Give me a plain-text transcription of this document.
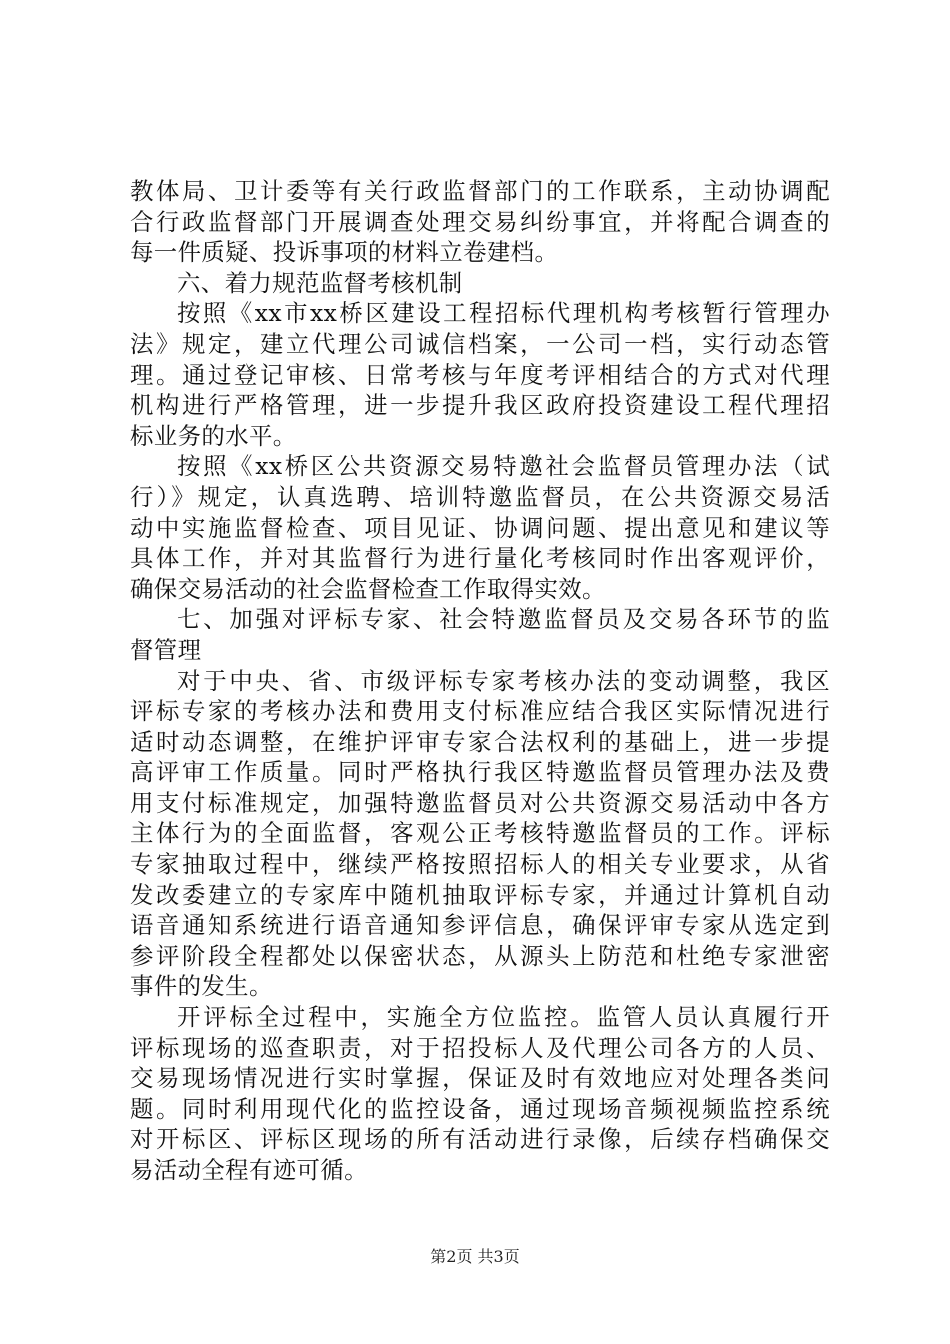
教体局、卫计委等有关行政监督部门的工作联系，主动协调配
合行政监督部门开展调查处理交易纠纷事宜，并将配合调查的
每一件质疑、投诉事项的材料立卷建档。
六、着力规范监督考核机制
按照《xx市xx桥区建设工程招标代理机构考核暂行管理办
法》规定，建立代理公司诚信档案，一公司一档，实行动态管
理。通过登记审核、日常考核与年度考评相结合的方式对代理
机构进行严格管理，进一步提升我区政府投资建设工程代理招
标业务的水平。
按照《xx桥区公共资源交易特邀社会监督员管理办法（试
行）》规定，认真选聘、培训特邀监督员，在公共资源交易活
动中实施监督检查、项目见证、协调问题、提出意见和建议等
具体工作，并对其监督行为进行量化考核同时作出客观评价，
确保交易活动的社会监督检查工作取得实效。
七、加强对评标专家、社会特邀监督员及交易各环节的监
督管理
对于中央、省、市级评标专家考核办法的变动调整，我区
评标专家的考核办法和费用支付标准应结合我区实际情况进行
适时动态调整，在维护评审专家合法权利的基础上，进一步提
高评审工作质量。同时严格执行我区特邀监督员管理办法及费
用支付标准规定，加强特邀监督员对公共资源交易活动中各方
主体行为的全面监督，客观公正考核特邀监督员的工作。评标
专家抽取过程中，继续严格按照招标人的相关专业要求，从省
发改委建立的专家库中随机抽取评标专家，并通过计算机自动
语音通知系统进行语音通知参评信息，确保评审专家从选定到
参评阶段全程都处以保密状态，从源头上防范和杜绝专家泄密
事件的发生。
开评标全过程中，实施全方位监控。监管人员认真履行开
评标现场的巡查职责，对于招投标人及代理公司各方的人员、
交易现场情况进行实时掌握，保证及时有效地应对处理各类问
题。同时利用现代化的监控设备，通过现场音频视频监控系统
对开标区、评标区现场的所有活动进行录像，后续存档确保交
易活动全程有迹可循。
第2页 共3页
